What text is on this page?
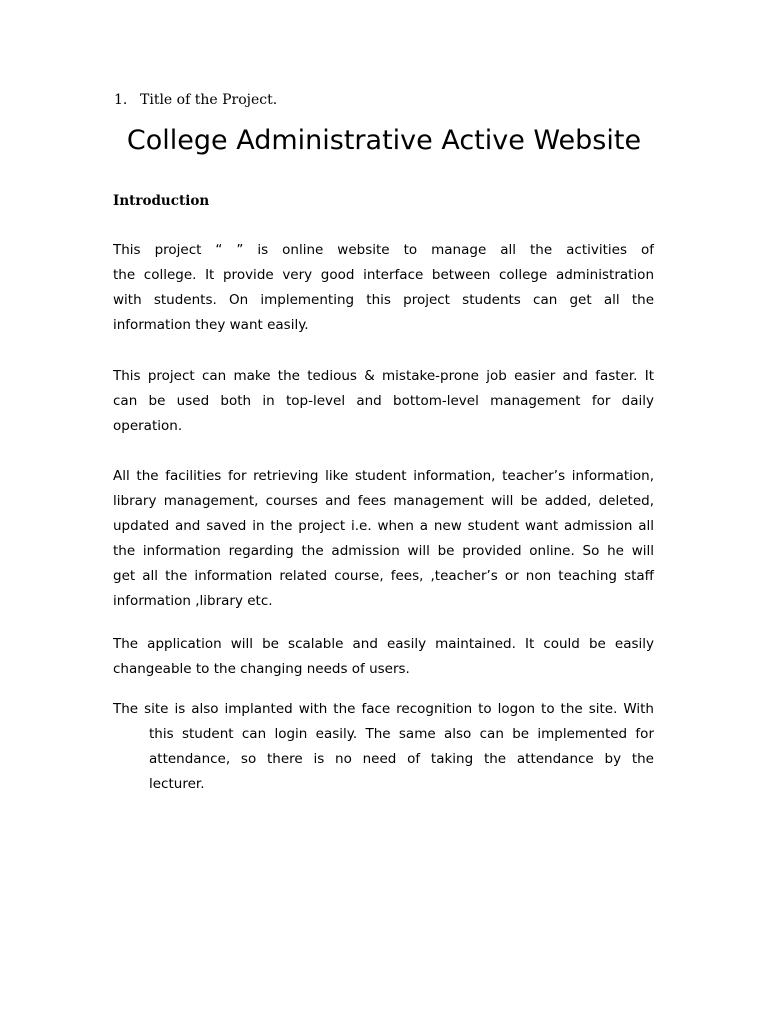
1. Title of the Project.
College Administrative Active Website
Introduction
This project “ ” is online website to manage all the activities of
the college. It provide very good interface between college administration
with students. On implementing this project students can get all the
information they want easily.
This project can make the tedious & mistake-prone job easier and faster. It
can be used both in top-level and bottom-level management for daily
operation.
All the facilities for retrieving like student information, teacher’s information,
library management, courses and fees management will be added, deleted,
updated and saved in the project i.e. when a new student want admission all
the information regarding the admission will be provided online. So he will
get all the information related course, fees, ,teacher’s or non teaching staff
information ,library etc.
The application will be scalable and easily maintained. It could be easily
changeable to the changing needs of users.
The site is also implanted with the face recognition to logon to the site. With
this student can login easily. The same also can be implemented for
attendance, so there is no need of taking the attendance by the
lecturer.
